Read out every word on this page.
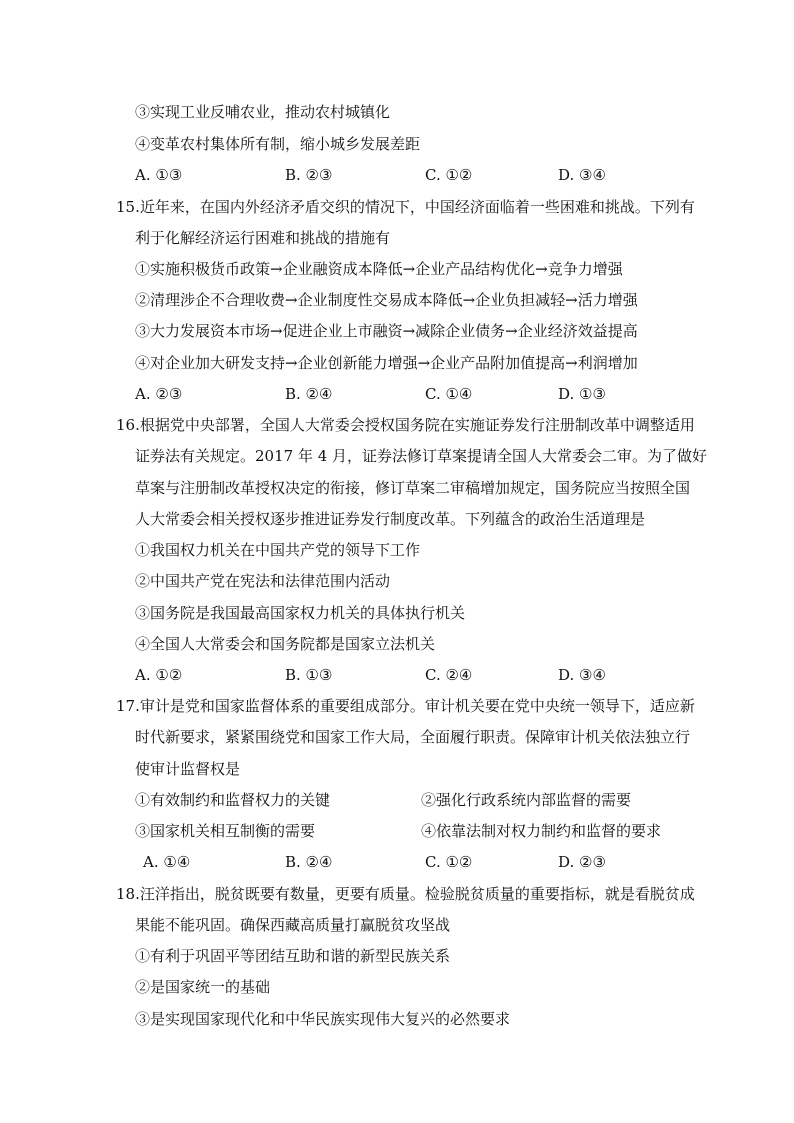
③实现工业反哺农业，推动农村城镇化
④变革农村集体所有制，缩小城乡发展差距
A. ①③	B. ②③	C. ①②	D. ③④
15.近年来，在国内外经济矛盾交织的情况下，中国经济面临着一些困难和挑战。下列有
利于化解经济运行困难和挑战的措施有
①实施积极货币政策→企业融资成本降低→企业产品结构优化→竞争力增强
②清理涉企不合理收费→企业制度性交易成本降低→企业负担减轻→活力增强
③大力发展资本市场→促进企业上市融资→减除企业债务→企业经济效益提高
④对企业加大研发支持→企业创新能力增强→企业产品附加值提高→利润增加
A. ②③	B. ②④	C. ①④	D. ①③
16.根据党中央部署，全国人大常委会授权国务院在实施证券发行注册制改革中调整适用
证券法有关规定。2017 年 4 月，证券法修订草案提请全国人大常委会二审。为了做好
草案与注册制改革授权决定的衔接，修订草案二审稿增加规定，国务院应当按照全国
人大常委会相关授权逐步推进证券发行制度改革。下列蕴含的政治生活道理是
①我国权力机关在中国共产党的领导下工作
②中国共产党在宪法和法律范围内活动
③国务院是我国最高国家权力机关的具体执行机关
④全国人大常委会和国务院都是国家立法机关
A. ①②	B. ①③	C. ②④	D. ③④
17.审计是党和国家监督体系的重要组成部分。审计机关要在党中央统一领导下，适应新
时代新要求，紧紧围绕党和国家工作大局，全面履行职责。保障审计机关依法独立行
使审计监督权是
①有效制约和监督权力的关键	②强化行政系统内部监督的需要
③国家机关相互制衡的需要	④依靠法制对权力制约和监督的要求
A. ①④	B. ②④	C. ①②	D. ②③
18.汪洋指出，脱贫既要有数量，更要有质量。检验脱贫质量的重要指标，就是看脱贫成
果能不能巩固。确保西藏高质量打赢脱贫攻坚战
①有利于巩固平等团结互助和谐的新型民族关系
②是国家统一的基础
③是实现国家现代化和中华民族实现伟大复兴的必然要求
